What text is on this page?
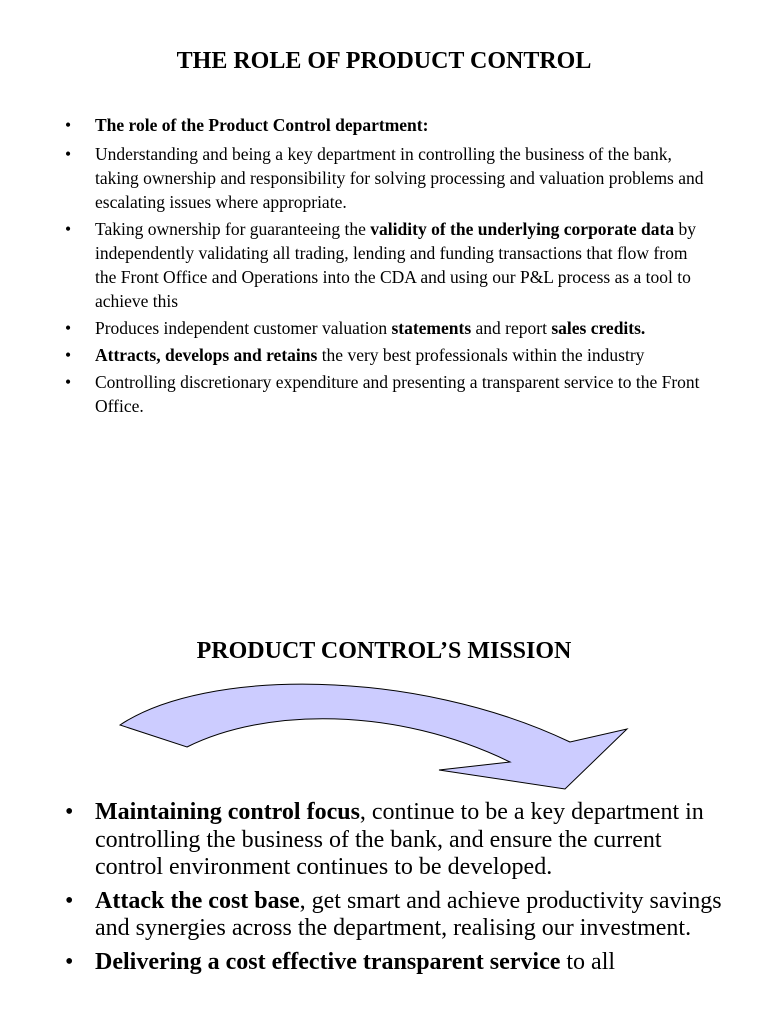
THE ROLE OF PRODUCT CONTROL
• The role of the Product Control department:
• Understanding and being a key department in controlling the business of the bank, taking ownership and responsibility for solving processing and valuation problems and escalating issues where appropriate.
• Taking ownership for guaranteeing the validity of the underlying corporate data by independently validating all trading, lending and funding transactions that flow from the Front Office and Operations into the CDA and using our P&L process as a tool to achieve this
• Produces independent customer valuation statements and report sales credits.
• Attracts, develops and retains the very best professionals within the industry
• Controlling discretionary expenditure and presenting a transparent service to the Front Office.
PRODUCT CONTROL’S MISSION
• Maintaining control focus, continue to be a key department in controlling the business of the bank, and ensure the current control environment continues to be developed.
• Attack the cost base, get smart and achieve productivity savings and synergies across the department, realising our investment.
• Delivering a cost effective transparent service to all
